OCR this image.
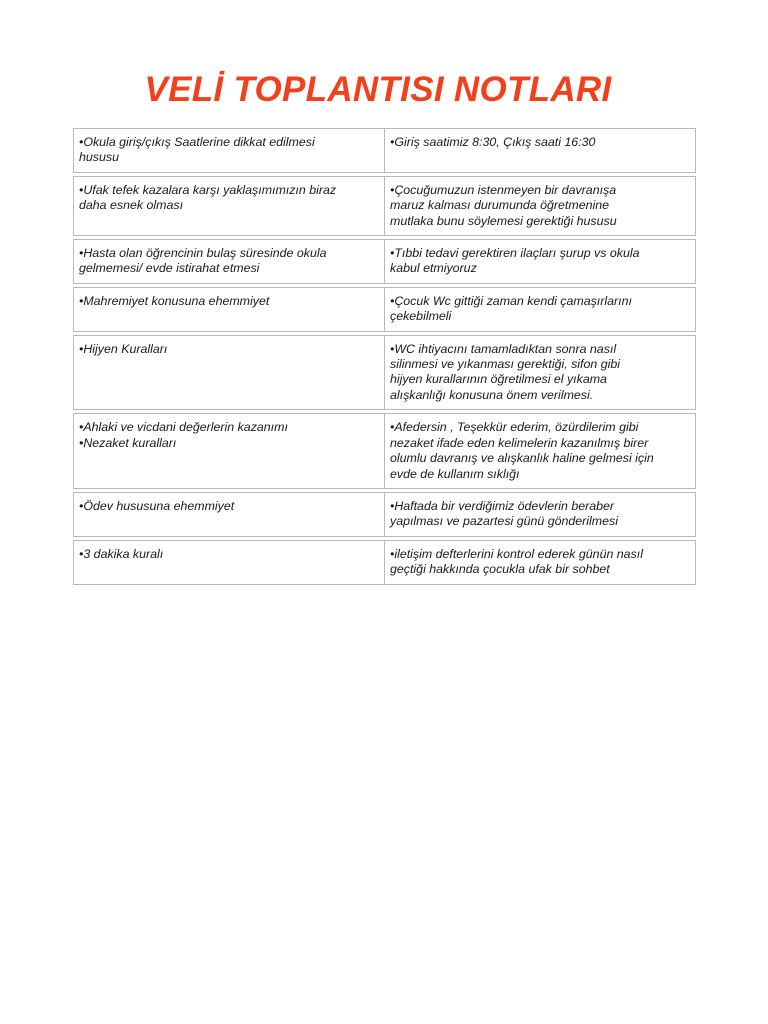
VELİ TOPLANTISI NOTLARI
•Okula giriş/çıkış Saatlerine dikkat edilmesi
hususu	•Giriş saatimiz 8:30, Çıkış saati 16:30

•Ufak tefek kazalara karşı yaklaşımımızın biraz
daha esnek olması	•Çocuğumuzun istenmeyen bir davranışa
maruz kalması durumunda öğretmenine
mutlaka bunu söylemesi gerektiği hususu

•Hasta olan öğrencinin bulaş süresinde okula
gelmemesi/ evde istirahat etmesi	•Tıbbi tedavi gerektiren ilaçları şurup vs okula
kabul etmiyoruz

•Mahremiyet konusuna ehemmiyet	•Çocuk Wc gittiği zaman kendi çamaşırlarını
çekebilmeli

•Hijyen Kuralları	•WC ihtiyacını tamamladıktan sonra nasıl
silinmesi ve yıkanması gerektiği, sifon gibi
hijyen kurallarının öğretilmesi el yıkama
alışkanlığı konusuna önem verilmesi.

•Ahlaki ve vicdani değerlerin kazanımı
•Nezaket kuralları	•Afedersin , Teşekkür ederim, özürdilerim gibi
nezaket ifade eden kelimelerin kazanılmış birer
olumlu davranış ve alışkanlık haline gelmesi için
evde de kullanım sıklığı

•Ödev hususuna ehemmiyet	•Haftada bir verdiğimiz ödevlerin beraber
yapılması ve pazartesi günü gönderilmesi

•3 dakika kuralı	•iletişim defterlerini kontrol ederek günün nasıl
geçtiği hakkında çocukla ufak bir sohbet
